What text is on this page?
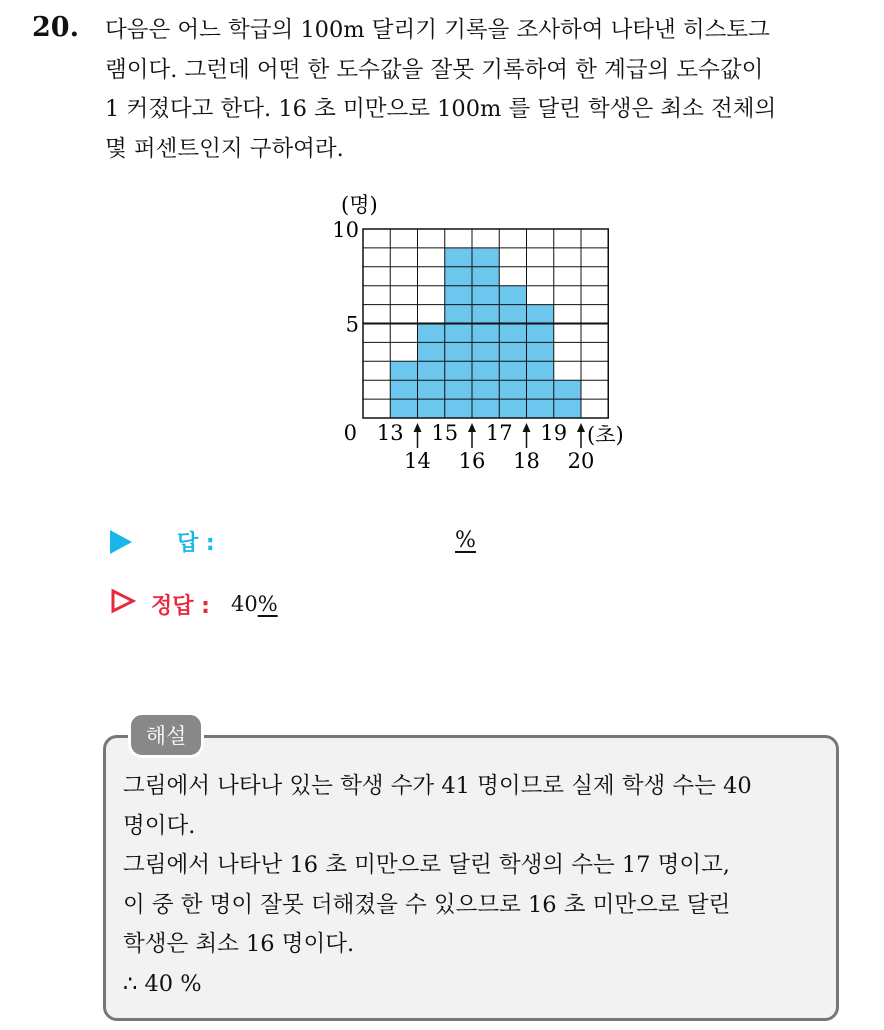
20. 다음은 어느 학급의 100m 달리기 기록을 조사하여 나타낸 히스토그
램이다. 그런데 어떤 한 도수값을 잘못 기록하여 한 계급의 도수값이
1 커졌다고 한다. 16 초 미만으로 100m 를 달린 학생은 최소 전체의
몇 퍼센트인지 구하여라.
0
5
10
(명)
13 15 17 19
14 16 18 20
(초)
답 :	%
정답 : 40%
해설
그림에서 나타나 있는 학생 수가 41 명이므로 실제 학생 수는 40
명이다.
그림에서 나타난 16 초 미만으로 달린 학생의 수는 17 명이고,
이 중 한 명이 잘못 더해졌을 수 있으므로 16 초 미만으로 달린
학생은 최소 16 명이다.
∴ 40 %
